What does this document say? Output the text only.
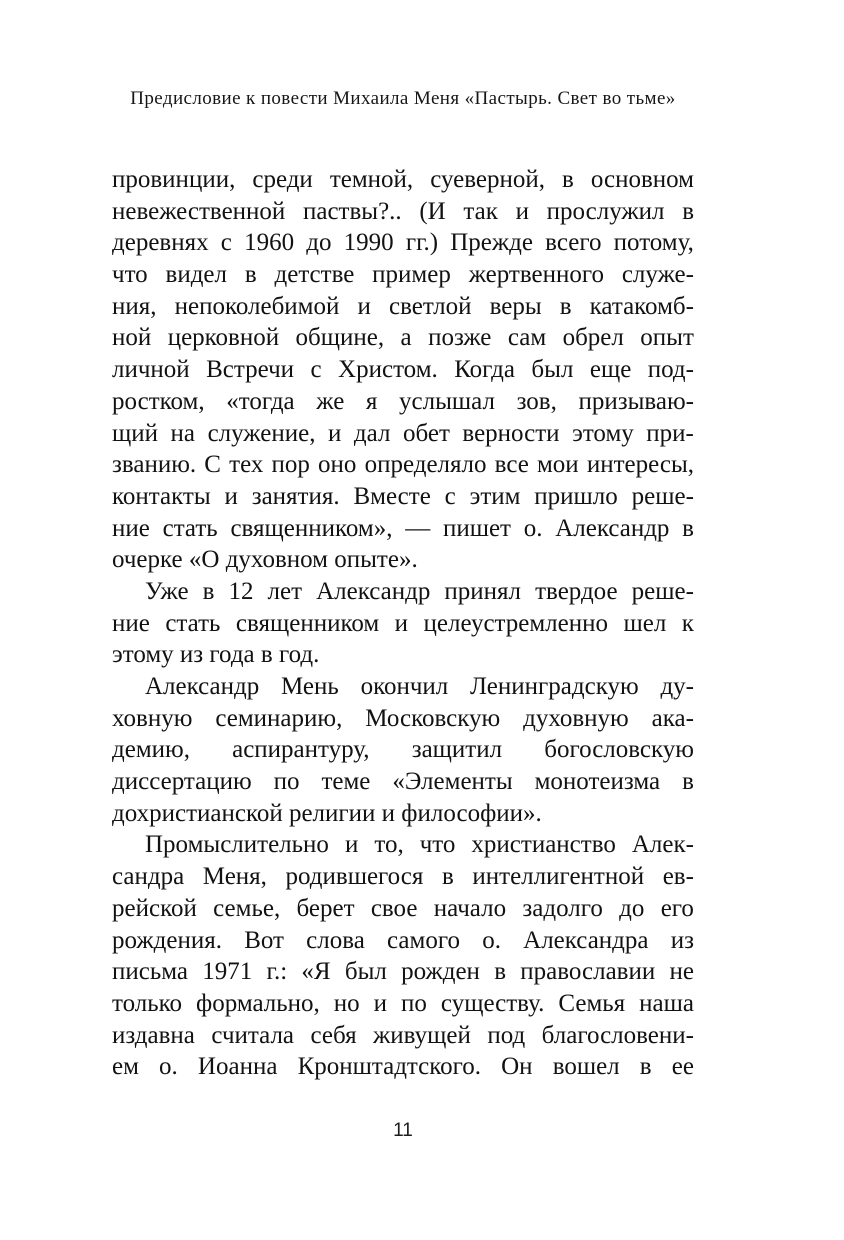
Предисловие к повести Михаила Меня «Пастырь. Свет во тьме»
провинции, среди темной, суеверной, в основном
невежественной паствы?.. (И так и прослужил в
деревнях с 1960 до 1990 гг.) Прежде всего потому,
что видел в детстве пример жертвенного служе-
ния, непоколебимой и светлой веры в катакомб-
ной церковной общине, а позже сам обрел опыт
личной Встречи с Христом. Когда был еще под-
ростком, «тогда же я услышал зов, призываю-
щий на служение, и дал обет верности этому при-
званию. С тех пор оно определяло все мои интересы,
контакты и занятия. Вместе с этим пришло реше-
ние стать священником», — пишет о. Александр в
очерке «О духовном опыте».
Уже в 12 лет Александр принял твердое реше-
ние стать священником и целеустремленно шел к
этому из года в год.
Александр Мень окончил Ленинградскую ду-
ховную семинарию, Московскую духовную ака-
демию, аспирантуру, защитил богословскую
диссертацию по теме «Элементы монотеизма в
дохристианской религии и философии».
Промыслительно и то, что христианство Алек-
сандра Меня, родившегося в интеллигентной ев-
рейской семье, берет свое начало задолго до его
рождения. Вот слова самого о. Александра из
письма 1971 г.: «Я был рожден в православии не
только формально, но и по существу. Семья наша
издавна считала себя живущей под благословени-
ем о. Иоанна Кронштадтского. Он вошел в ее
11
